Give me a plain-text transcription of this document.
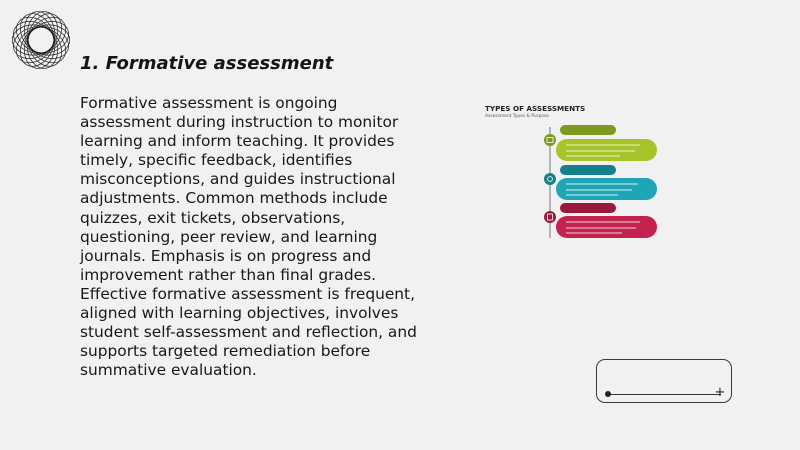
1. Formative assessment
Formative assessment is ongoing assessment during instruction to monitor learning and inform teaching. It provides timely, specific feedback, identifies misconceptions, and guides instructional adjustments. Common methods include quizzes, exit tickets, observations, questioning, peer review, and learning journals. Emphasis is on progress and improvement rather than final grades. Effective formative assessment is frequent, aligned with learning objectives, involves student self-assessment and reflection, and supports targeted remediation before summative evaluation.
TYPES OF ASSESSMENTS
Assessment Types & Purpose
+
